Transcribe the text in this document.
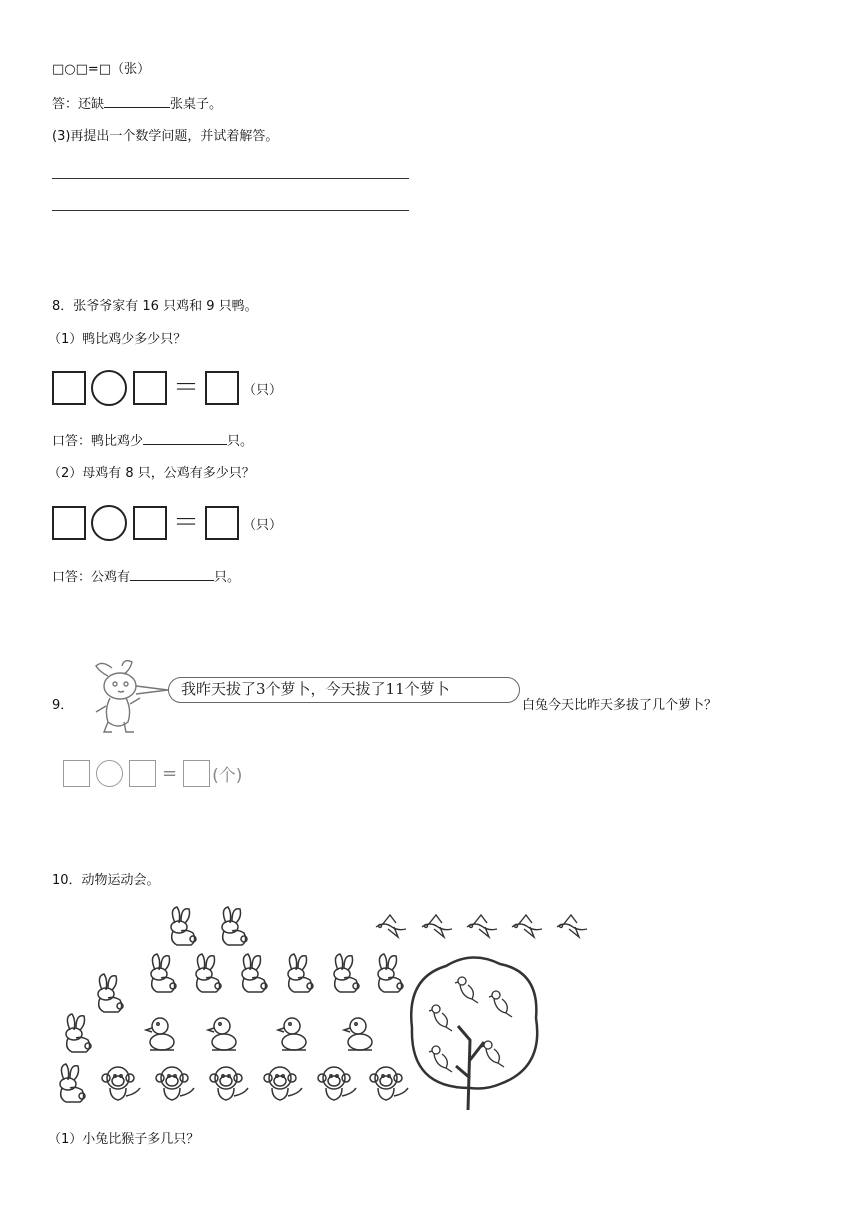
□○□=□（张）
答：还缺	张桌子。
(3)再提出一个数学问题，并试着解答。
8．张爷爷家有 16 只鸡和 9 只鸭。
（1）鸭比鸡少多少只？
＝	（只）
口答：鸭比鸡少	只。
（2）母鸡有 8 只，公鸡有多少只？
＝	（只）
口答：公鸡有	只。
9．
我昨天拔了3个萝卜，今天拔了11个萝卜
白兔今天比昨天多拔了几个萝卜？
= (个)
10．动物运动会。
（1）小兔比猴子多几只？
